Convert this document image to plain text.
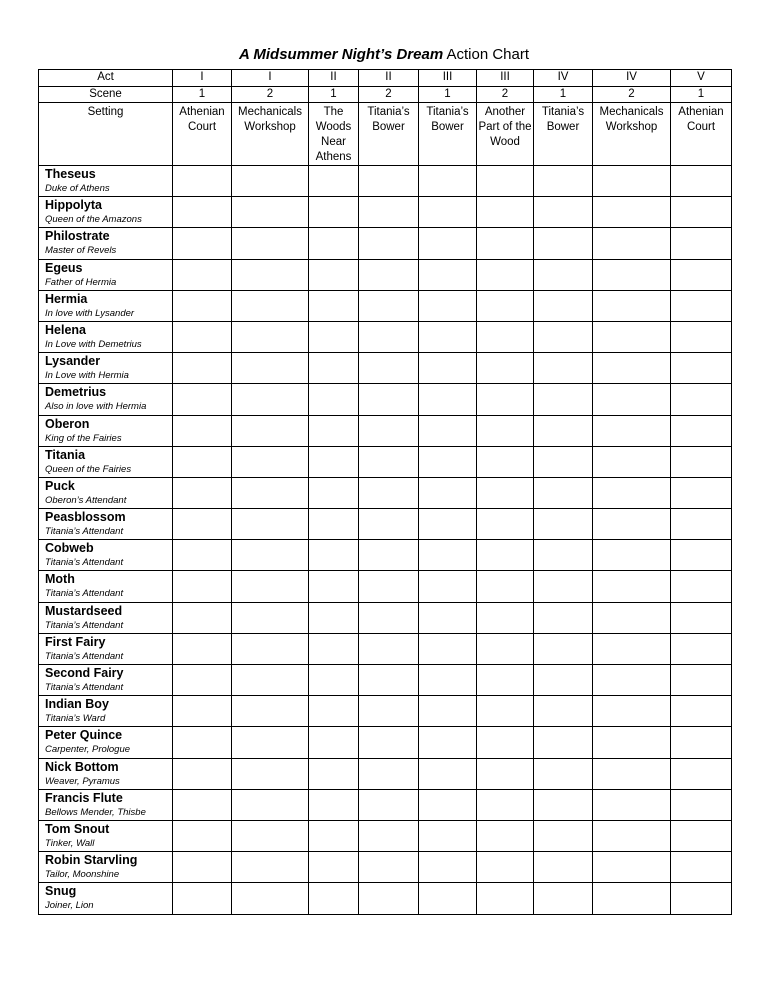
A Midsummer Night’s Dream Action Chart
Act	I	I	II	II	III	III	IV	IV	V
Scene	1	2	1	2	1	2	1	2	1
Setting	Athenian Court	Mechanicals Workshop	The Woods Near Athens	Titania’s Bower	Titania’s Bower	Another Part of the Wood	Titania’s Bower	Mechanicals Workshop	Athenian Court

Theseus
Duke of Athens									

Hippolyta
Queen of the Amazons									

Philostrate
Master of Revels									

Egeus
Father of Hermia									

Hermia
In love with Lysander									

Helena
In Love with Demetrius									

Lysander
In Love with Hermia									

Demetrius
Also in love with Hermia									

Oberon
King of the Fairies									

Titania
Queen of the Fairies									

Puck
Oberon’s Attendant									

Peasblossom
Titania’s Attendant									

Cobweb
Titania’s Attendant									

Moth
Titania’s Attendant									

Mustardseed
Titania’s Attendant									

First Fairy
Titania’s Attendant									

Second Fairy
Titania’s Attendant									

Indian Boy
Titania’s Ward									

Peter Quince
Carpenter, Prologue									

Nick Bottom
Weaver, Pyramus									

Francis Flute
Bellows Mender, Thisbe									

Tom Snout
Tinker, Wall									

Robin Starvling
Tailor, Moonshine									

Snug
Joiner, Lion									
